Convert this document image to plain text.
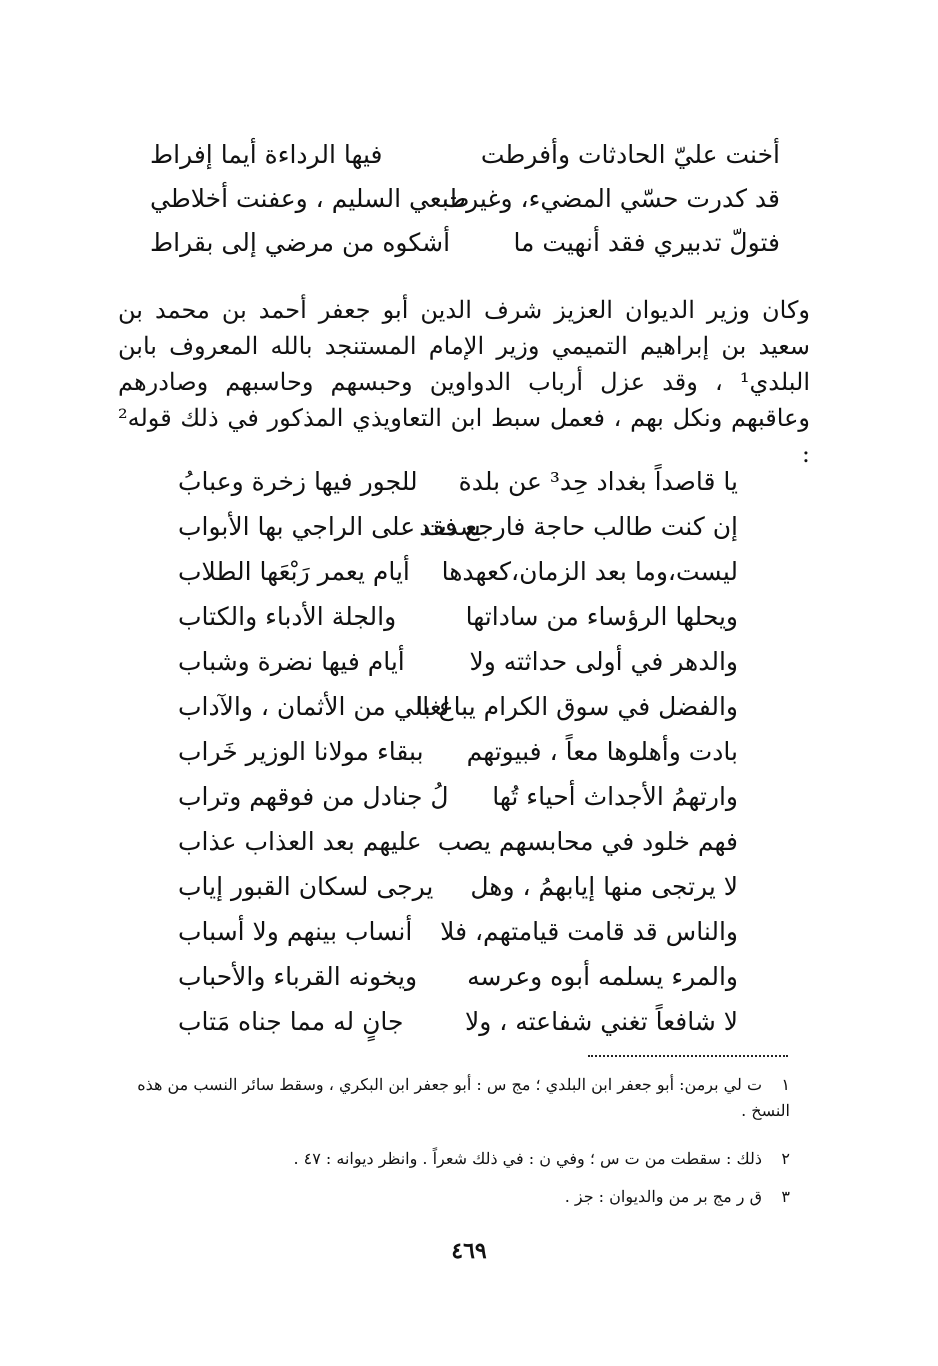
أخنت عليّ الحادثات وأفرطت
فيها الرداءة أيما إفراط
قد كدرت حسّي المضيء، وغيرت
طبعي السليم ، وعفنت أخلاطي
فتولّ تدبيري فقد أنهيت ما
أشكوه من مرضي إلى بقراط

وكان وزير الديوان العزيز شرف الدين أبو جعفر أحمد بن محمد بن سعيد بن إبراهيم التميمي وزير الإمام المستنجد بالله المعروف بابن البلدي¹ ، وقد عزل أرباب الدواوين وحبسهم وحاسبهم وصادرهم وعاقبهم ونكل بهم ، فعمل سبط ابن التعاويذي المذكور في ذلك قوله² :

يا قاصداً بغداد حِد³ عن بلدة
للجور فيها زخرة وعبابُ
إن كنت طالب حاجة فارجع فقد
سدت على الراجي بها الأبواب
ليست،وما بعد الزمان،كعهدها
أيام يعمر رَبْعَها الطلاب
ويحلها الرؤساء من ساداتها
والجلة الأدباء والكتاب
والدهر في أولى حداثته ولا
أيام فيها نضرة وشباب
والفضل في سوق الكرام يباع با
لغالي من الأثمان ، والآداب
بادت وأهلوها معاً ، فبيوتهم
ببقاء مولانا الوزير خَراب
وارتهمُ الأجداث أحياء تُها
لُ جنادل من فوقهم وتراب
فهم خلود في محابسهم يصب
عليهم بعد العذاب عذاب
لا يرتجى منها إيابهمُ ، وهل
يرجى لسكان القبور إياب
والناس قد قامت قيامتهم، فلا
أنساب بينهم ولا أسباب
والمرء يسلمه أبوه وعرسه
ويخونه القرباء والأحباب
لا شافعاً تغني شفاعته ، ولا
جانٍ له مما جناه مَتاب
١ت لي برمن: أبو جعفر ابن البلدي ؛ مج س : أبو جعفر ابن البكري ، وسقط سائر النسب من هذه النسخ .
٢ذلك : سقطت من ت س ؛ وفي ن : في ذلك شعراً . وانظر ديوانه : ٤٧ .
٣ق ر مج بر من والديوان : جز .
٤٦٩
